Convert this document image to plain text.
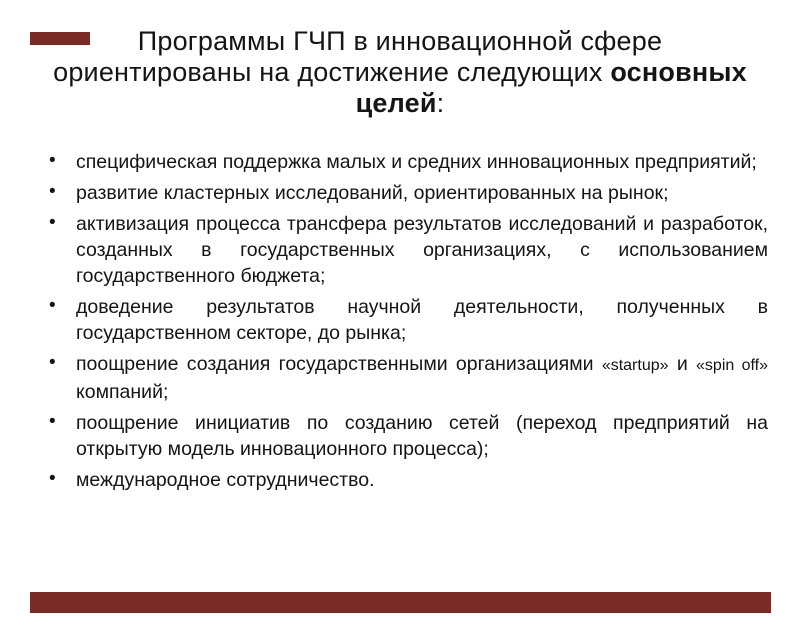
Программы ГЧП в инновационной сфере
ориентированы на достижение следующих основных
целей:
• специфическая поддержка малых и средних инновационных предприятий;
• развитие кластерных исследований, ориентированных на рынок;
• активизация процесса трансфера результатов исследований и разработок, созданных в государственных организациях, с использованием государственного бюджета;
• доведение результатов научной деятельности, полученных в государственном секторе, до рынка;
• поощрение создания государственными организациями «startup» и «spin off» компаний;
• поощрение инициатив по созданию сетей (переход предприятий на открытую модель инновационного процесса);
• международное сотрудничество.
